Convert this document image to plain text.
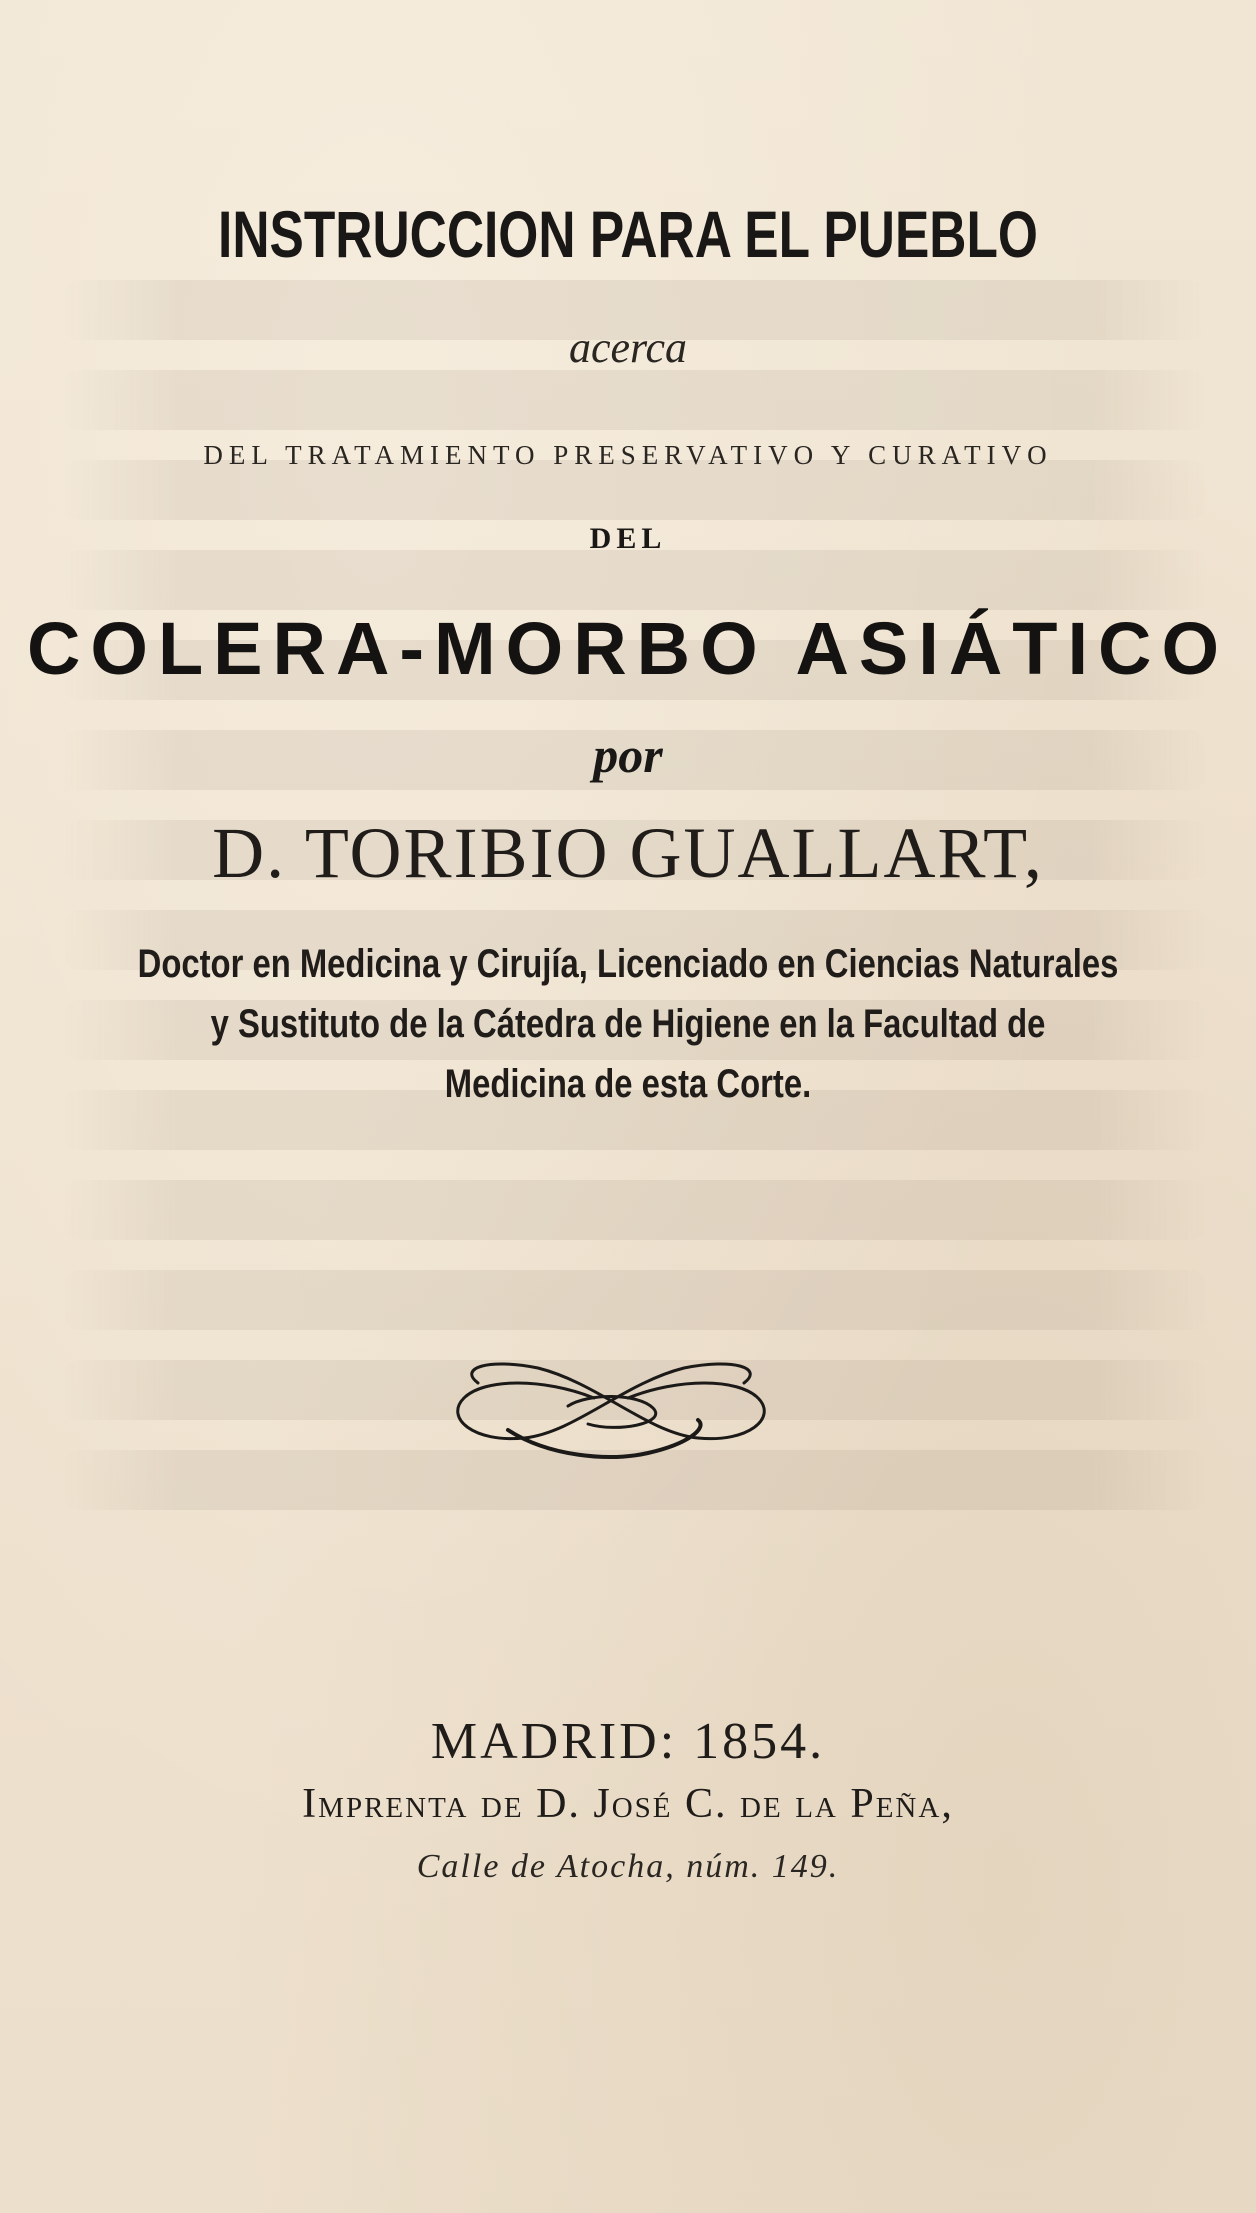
INSTRUCCION PARA EL PUEBLO
acerca
DEL TRATAMIENTO PRESERVATIVO Y CURATIVO
DEL
COLERA-MORBO ASIÁTICO
por
D. TORIBIO GUALLART,
Doctor en Medicina y Cirujía, Licenciado en Ciencias Naturales
y Sustituto de la Cátedra de Higiene en la Facultad de
Medicina de esta Corte.
MADRID: 1854.
Imprenta de D. José C. de la Peña,
Calle de Atocha, núm. 149.
